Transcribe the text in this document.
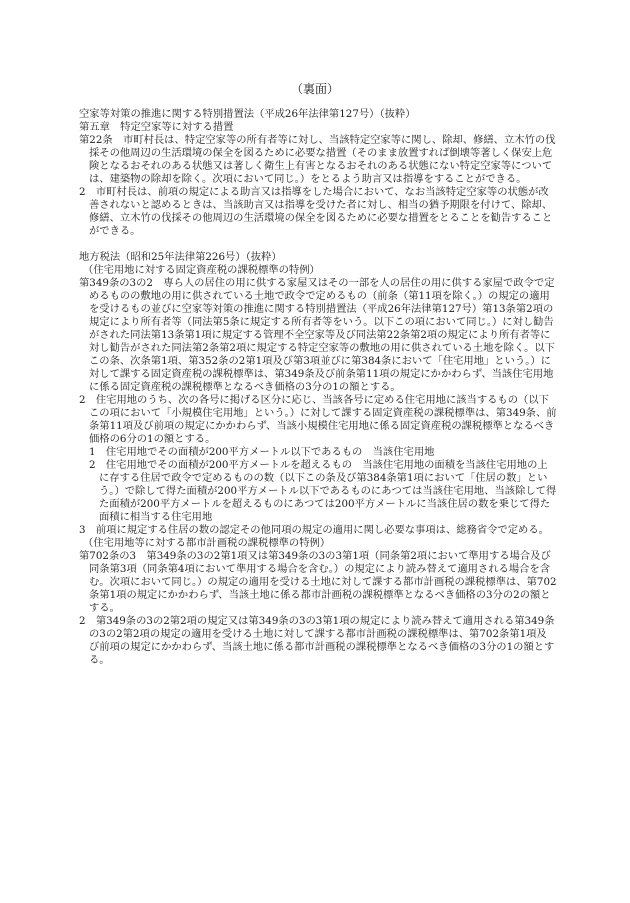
（裏面）

空家等対策の推進に関する特別措置法（平成26年法律第127号）（抜粋）

第五章　特定空家等に対する措置

第22条　市町村長は、特定空家等の所有者等に対し、当該特定空家等に関し、除却、修繕、立木竹の伐採その他周辺の生活環境の保全を図るために必要な措置（そのまま放置すれば倒壊等著しく保安上危険となるおそれのある状態又は著しく衛生上有害となるおそれのある状態にない特定空家等については、建築物の除却を除く。次項において同じ。）をとるよう助言又は指導をすることができる。

2　市町村長は、前項の規定による助言又は指導をした場合において、なお当該特定空家等の状態が改善されないと認めるときは、当該助言又は指導を受けた者に対し、相当の猶予期限を付けて、除却、修繕、立木竹の伐採その他周辺の生活環境の保全を図るために必要な措置をとることを勧告することができる。

地方税法（昭和25年法律第226号）（抜粋）

（住宅用地に対する固定資産税の課税標準の特例）

第349条の3の2　専ら人の居住の用に供する家屋又はその一部を人の居住の用に供する家屋で政令で定めるものの敷地の用に供されている土地で政令で定めるもの（前条（第11項を除く。）の規定の適用を受けるもの並びに空家等対策の推進に関する特別措置法（平成26年法律第127号）第13条第2項の規定により所有者等（同法第5条に規定する所有者等をいう。以下この項において同じ。）に対し勧告がされた同法第13条第1項に規定する管理不全空家等及び同法第22条第2項の規定により所有者等に対し勧告がされた同法第2条第2項に規定する特定空家等の敷地の用に供されている土地を除く。以下この条、次条第1項、第352条の2第1項及び第3項並びに第384条において「住宅用地」という。）に対して課する固定資産税の課税標準は、第349条及び前条第11項の規定にかかわらず、当該住宅用地に係る固定資産税の課税標準となるべき価格の3分の1の額とする。

2　住宅用地のうち、次の各号に掲げる区分に応じ、当該各号に定める住宅用地に該当するもの（以下この項において「小規模住宅用地」という。）に対して課する固定資産税の課税標準は、第349条、前条第11項及び前項の規定にかかわらず、当該小規模住宅用地に係る固定資産税の課税標準となるべき価格の6分の1の額とする。

1　住宅用地でその面積が200平方メートル以下であるもの　当該住宅用地

2　住宅用地でその面積が200平方メートルを超えるもの　当該住宅用地の面積を当該住宅用地の上に存する住居で政令で定めるものの数（以下この条及び第384条第1項において「住居の数」という。）で除して得た面積が200平方メートル以下であるものにあつては当該住宅用地、当該除して得た面積が200平方メートルを超えるものにあつては200平方メートルに当該住居の数を乗じて得た面積に相当する住宅用地

3　前項に規定する住居の数の認定その他同項の規定の適用に関し必要な事項は、総務省令で定める。

（住宅用地等に対する都市計画税の課税標準の特例）

第702条の3　第349条の3の2第1項又は第349条の3の3第1項（同条第2項において準用する場合及び同条第3項（同条第4項において準用する場合を含む。）の規定により読み替えて適用される場合を含む。次項において同じ。）の規定の適用を受ける土地に対して課する都市計画税の課税標準は、第702条第1項の規定にかかわらず、当該土地に係る都市計画税の課税標準となるべき価格の3分の2の額とする。

2　第349条の3の2第2項の規定又は第349条の3の3第1項の規定により読み替えて適用される第349条の3の2第2項の規定の適用を受ける土地に対して課する都市計画税の課税標準は、第702条第1項及び前項の規定にかかわらず、当該土地に係る都市計画税の課税標準となるべき価格の3分の1の額とする。
